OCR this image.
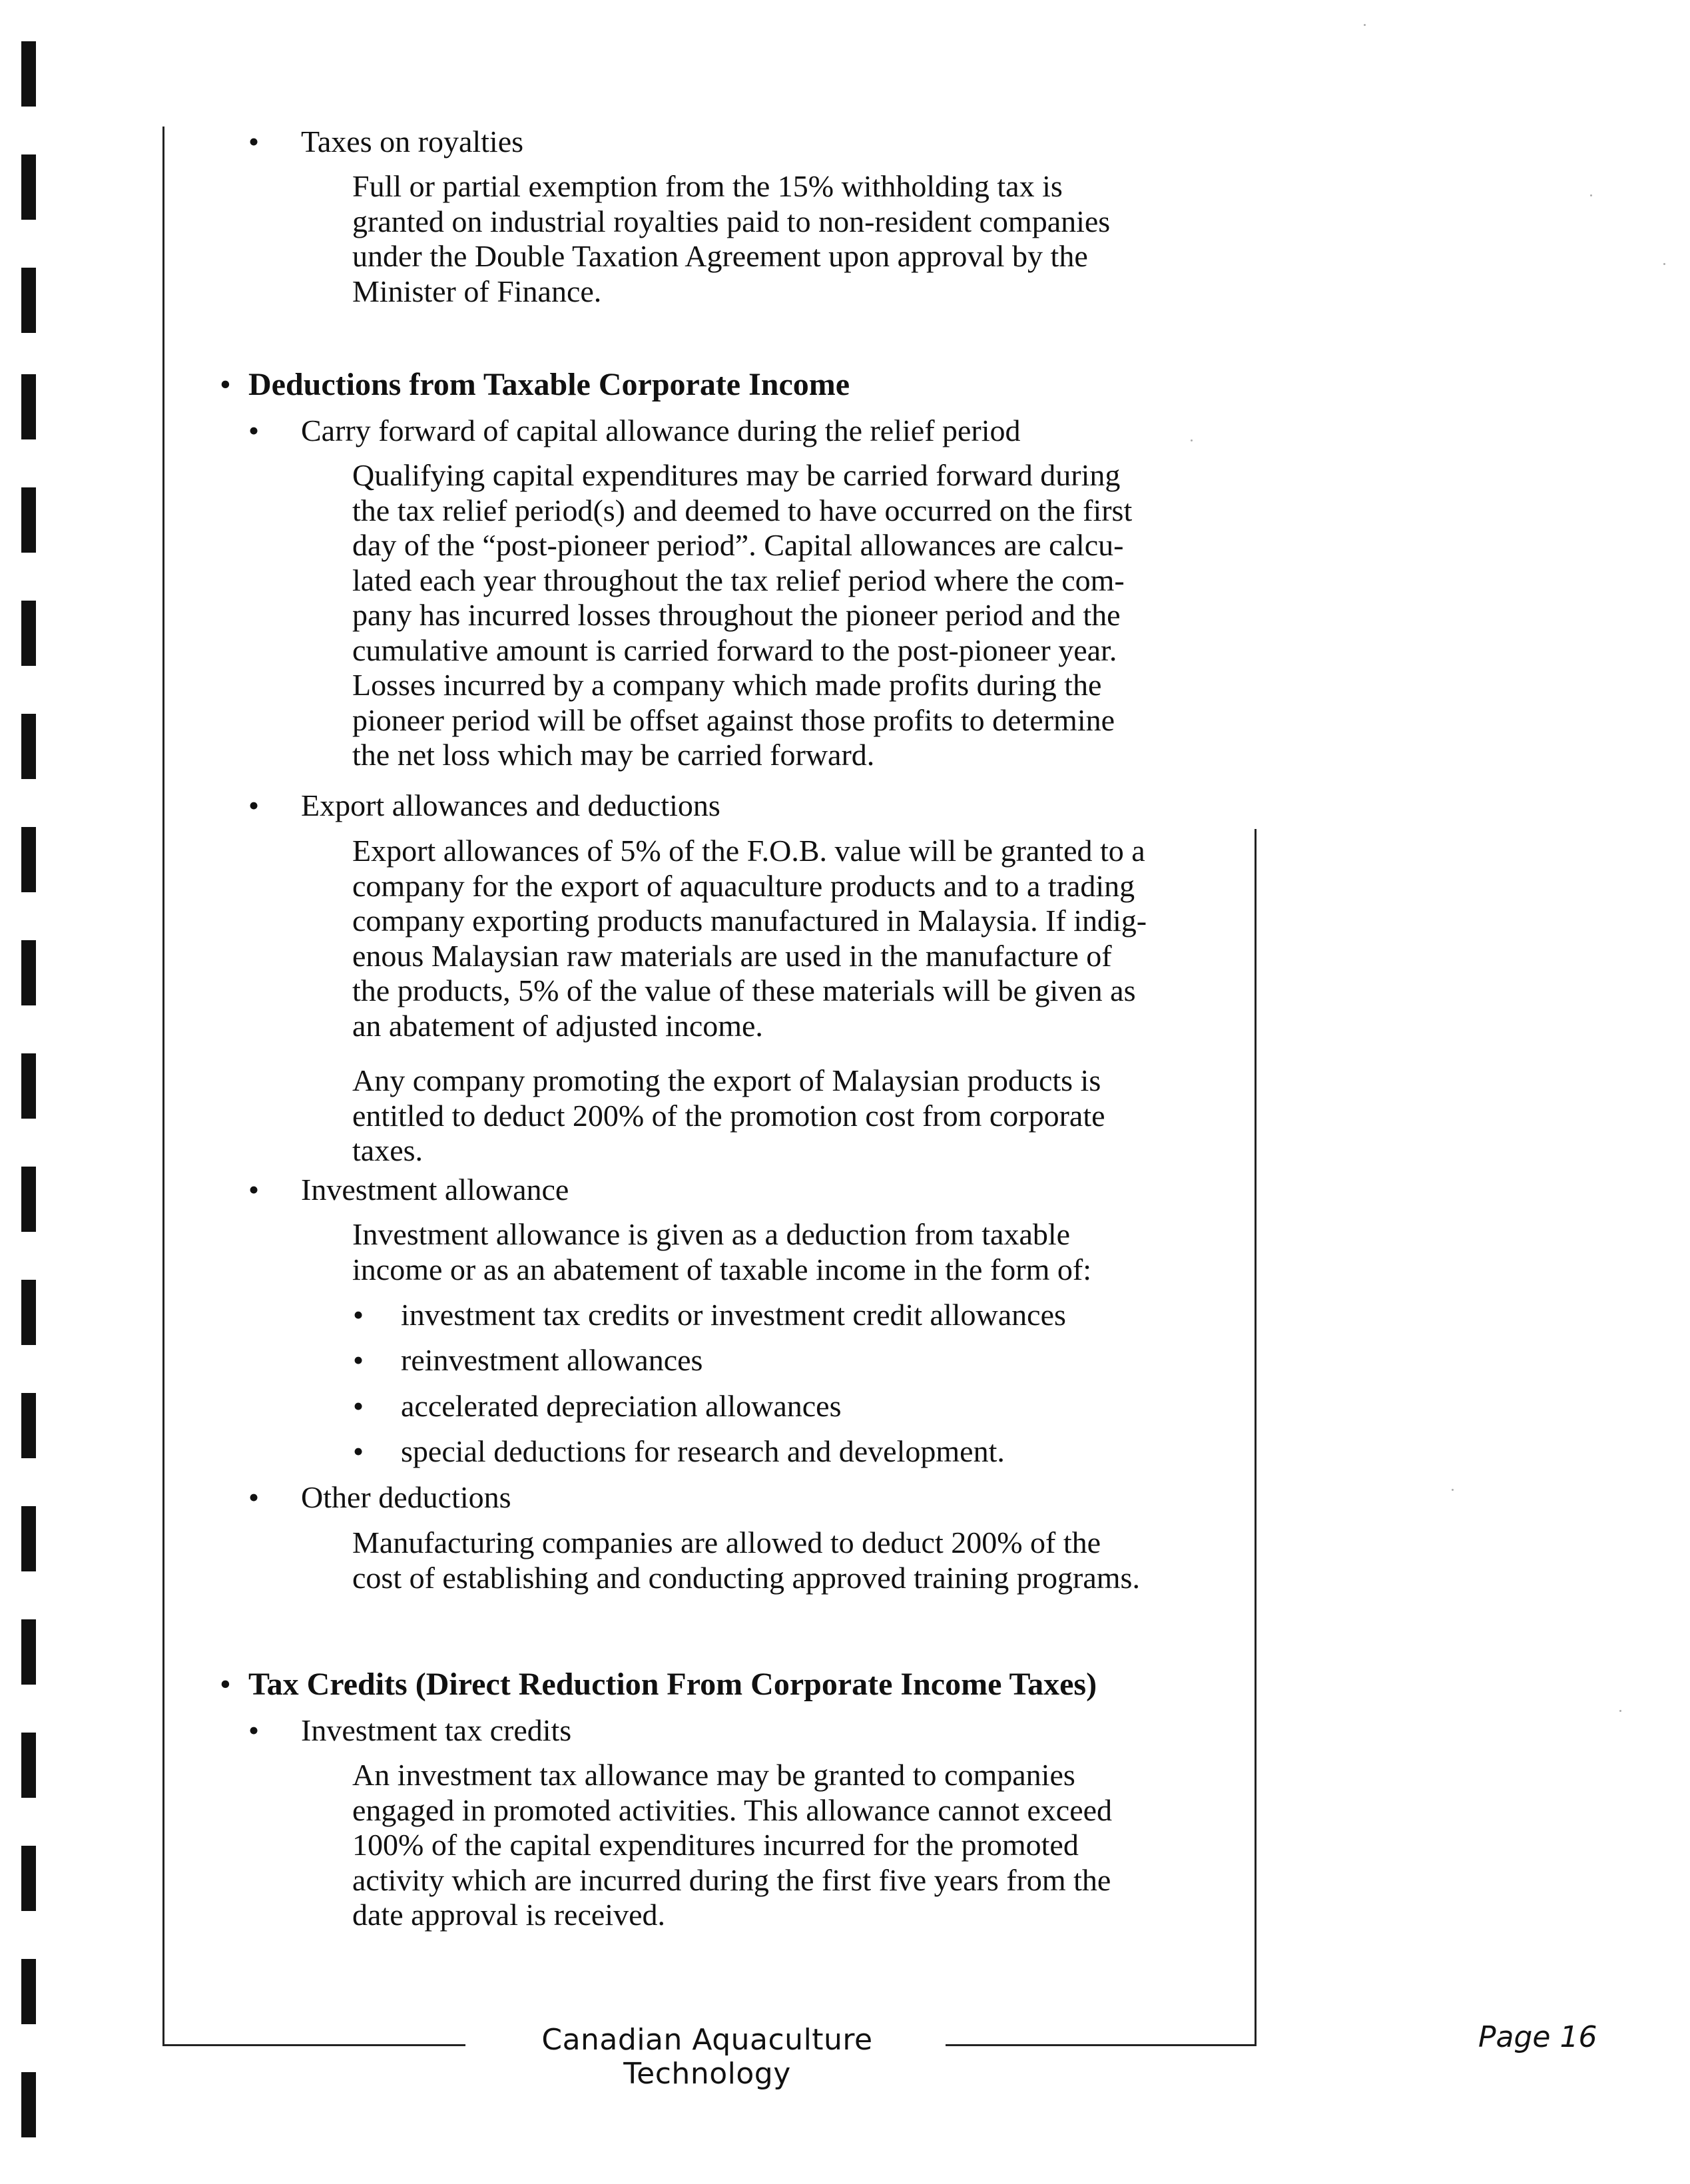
• Taxes on royalties
Full or partial exemption from the 15% withholding tax is
granted on industrial royalties paid to non-resident companies
under the Double Taxation Agreement upon approval by the
Minister of Finance.
• Deductions from Taxable Corporate Income
• Carry forward of capital allowance during the relief period
Qualifying capital expenditures may be carried forward during
the tax relief period(s) and deemed to have occurred on the first
day of the “post-pioneer period”. Capital allowances are calcu-
lated each year throughout the tax relief period where the com-
pany has incurred losses throughout the pioneer period and the
cumulative amount is carried forward to the post-pioneer year.
Losses incurred by a company which made profits during the
pioneer period will be offset against those profits to determine
the net loss which may be carried forward.
• Export allowances and deductions
Export allowances of 5% of the F.O.B. value will be granted to a
company for the export of aquaculture products and to a trading
company exporting products manufactured in Malaysia. If indig-
enous Malaysian raw materials are used in the manufacture of
the products, 5% of the value of these materials will be given as
an abatement of adjusted income.
Any company promoting the export of Malaysian products is
entitled to deduct 200% of the promotion cost from corporate
taxes.
• Investment allowance
Investment allowance is given as a deduction from taxable
income or as an abatement of taxable income in the form of:
• investment tax credits or investment credit allowances
• reinvestment allowances
• accelerated depreciation allowances
• special deductions for research and development.
• Other deductions
Manufacturing companies are allowed to deduct 200% of the
cost of establishing and conducting approved training programs.
• Tax Credits (Direct Reduction From Corporate Income Taxes)
• Investment tax credits
An investment tax allowance may be granted to companies
engaged in promoted activities. This allowance cannot exceed
100% of the capital expenditures incurred for the promoted
activity which are incurred during the first five years from the
date approval is received.
Canadian Aquaculture Technology
Page 16
